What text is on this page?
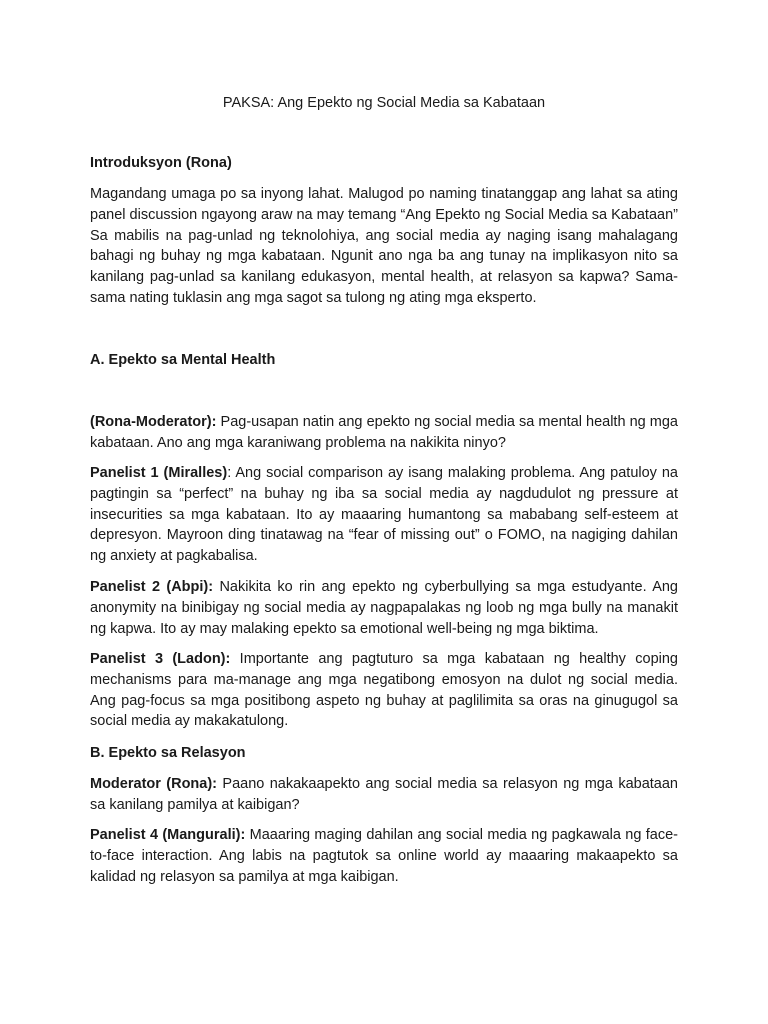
PAKSA: Ang Epekto ng Social Media sa Kabataan

Introduksyon (Rona)

Magandang umaga po sa inyong lahat. Malugod po naming tinatanggap ang lahat sa ating panel discussion ngayong araw na may temang “Ang Epekto ng Social Media sa Kabataan” Sa mabilis na pag-unlad ng teknolohiya, ang social media ay naging isang mahalagang bahagi ng buhay ng mga kabataan. Ngunit ano nga ba ang tunay na implikasyon nito sa kanilang pag-unlad sa kanilang edukasyon, mental health, at relasyon sa kapwa? Sama-sama nating tuklasin ang mga sagot sa tulong ng ating mga eksperto.

A. Epekto sa Mental Health

(Rona-Moderator): Pag-usapan natin ang epekto ng social media sa mental health ng mga kabataan. Ano ang mga karaniwang problema na nakikita ninyo?

Panelist 1 (Miralles): Ang social comparison ay isang malaking problema. Ang patuloy na pagtingin sa “perfect” na buhay ng iba sa social media ay nagdudulot ng pressure at insecurities sa mga kabataan. Ito ay maaaring humantong sa mababang self-esteem at depresyon. Mayroon ding tinatawag na “fear of missing out” o FOMO, na nagiging dahilan ng anxiety at pagkabalisa.

Panelist 2 (Abpi): Nakikita ko rin ang epekto ng cyberbullying sa mga estudyante. Ang anonymity na binibigay ng social media ay nagpapalakas ng loob ng mga bully na manakit ng kapwa. Ito ay may malaking epekto sa emotional well-being ng mga biktima.

Panelist 3 (Ladon): Importante ang pagtuturo sa mga kabataan ng healthy coping mechanisms para ma-manage ang mga negatibong emosyon na dulot ng social media. Ang pag-focus sa mga positibong aspeto ng buhay at paglilimita sa oras na ginugugol sa social media ay makakatulong.

B. Epekto sa Relasyon

Moderator (Rona): Paano nakakaapekto ang social media sa relasyon ng mga kabataan sa kanilang pamilya at kaibigan?

Panelist 4 (Mangurali): Maaaring maging dahilan ang social media ng pagkawala ng face-to-face interaction. Ang labis na pagtutok sa online world ay maaaring makaapekto sa kalidad ng relasyon sa pamilya at mga kaibigan.
